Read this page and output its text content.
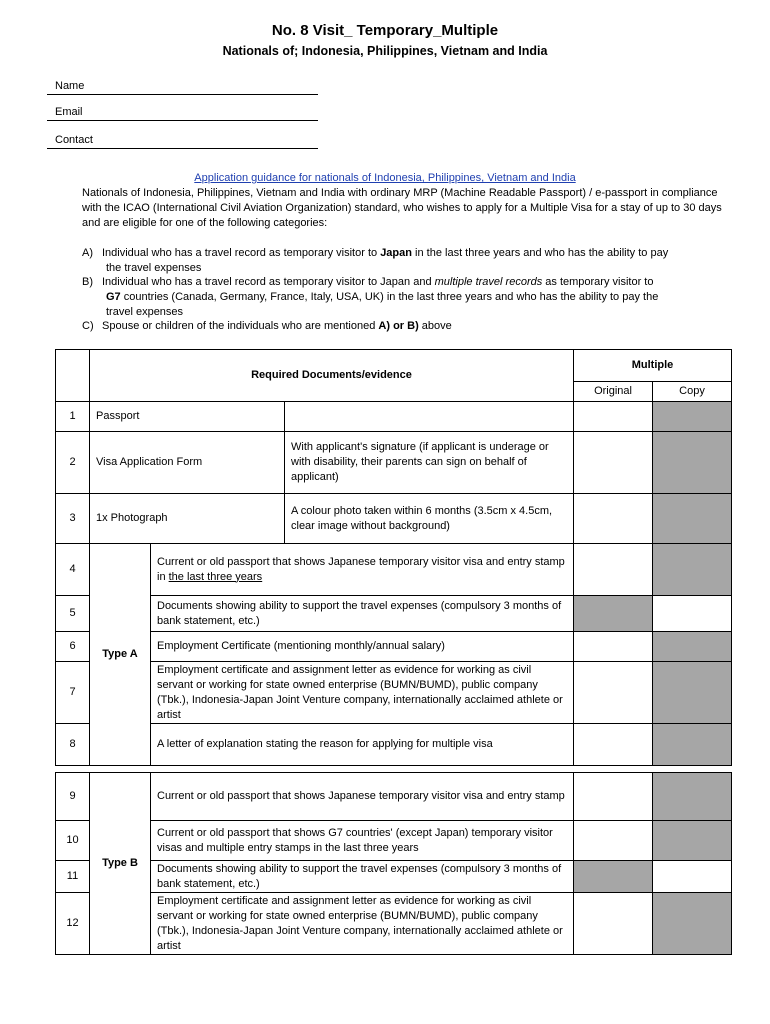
No. 8 Visit_ Temporary_Multiple
Nationals of; Indonesia, Philippines, Vietnam and India
Name
Email
Contact
Application guidance for nationals of Indonesia, Philippines, Vietnam and India
Nationals of Indonesia, Philippines, Vietnam and India with ordinary MRP (Machine Readable Passport) / e-passport in compliance with the ICAO (International Civil Aviation Organization) standard, who wishes to apply for a Multiple Visa for a stay of up to 30 days and are eligible for one of the following categories:
A) Individual who has a travel record as temporary visitor to Japan in the last three years and who has the ability to pay
the travel expenses
B) Individual who has a travel record as temporary visitor to Japan and multiple travel records as temporary visitor to
G7 countries (Canada, Germany, France, Italy, USA, UK) in the last three years and who has the ability to pay the
travel expenses
C) Spouse or children of the individuals who are mentioned A) or B) above
	Required Documents/evidence			Multiple	
				Original	Copy
1	Passport				
2	Visa Application Form		With applicant's signature (if applicant is underage or with disability, their parents can sign on behalf of applicant)		
3	1x Photograph		A colour photo taken within 6 months (3.5cm x 4.5cm, clear image without background)		
4	Type A	Current or old passport that shows Japanese temporary visitor visa and entry stamp in the last three years			
5		Documents showing ability to support the travel expenses (compulsory 3 months of bank statement, etc.)			
6		Employment Certificate (mentioning monthly/annual salary)			
7		Employment certificate and assignment letter as evidence for working as civil servant or working for state owned enterprise (BUMN/BUMD), public company (Tbk.), Indonesia-Japan Joint Venture company, internationally acclaimed athlete or artist			
8		A letter of explanation stating the reason for applying for multiple visa			

9	Type B	Current or old passport that shows Japanese temporary visitor visa and entry stamp			
10		Current or old passport that shows G7 countries' (except Japan) temporary visitor visas and multiple entry stamps in the last three years			
11		Documents showing ability to support the travel expenses (compulsory 3 months of bank statement, etc.)			
12		Employment certificate and assignment letter as evidence for working as civil servant or working for state owned enterprise (BUMN/BUMD), public company (Tbk.), Indonesia-Japan Joint Venture company, internationally acclaimed athlete or artist			
